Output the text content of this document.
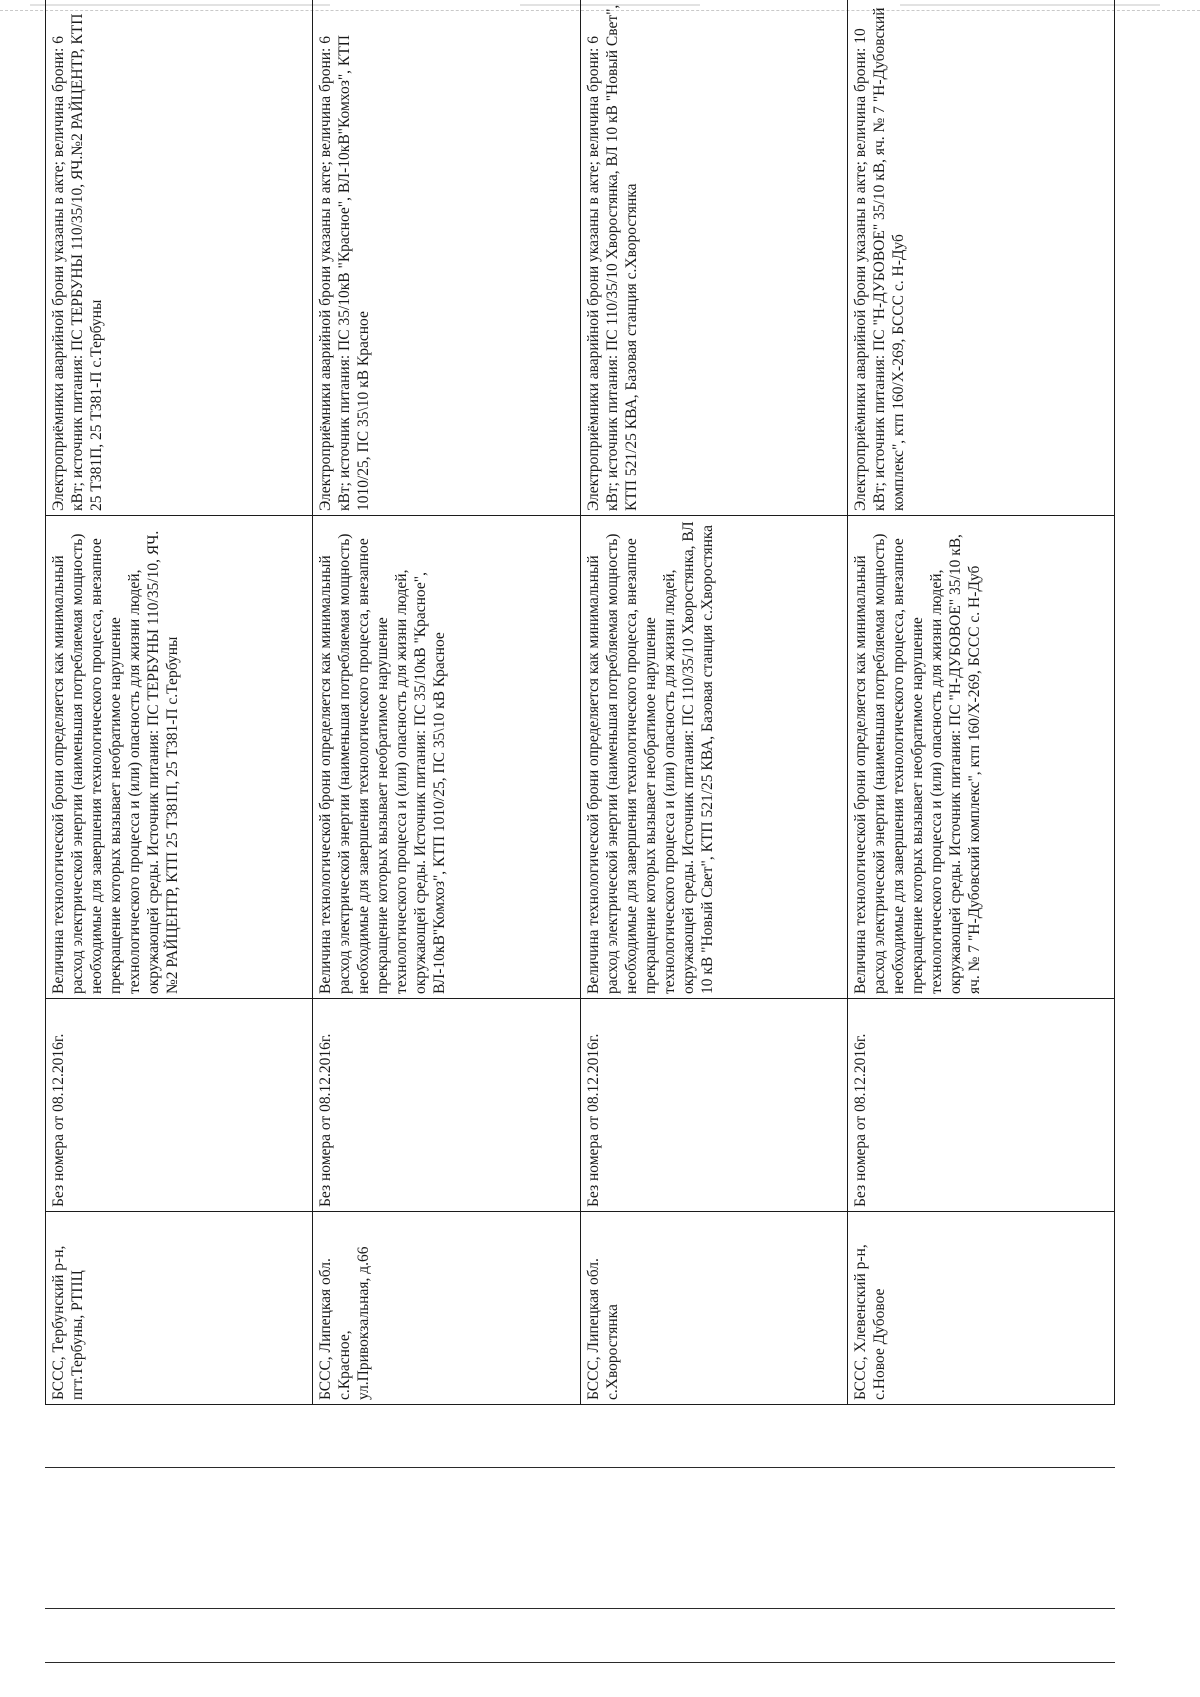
БССС, Тербунский р-н, пгт.Тербуны, РТПЦ	Без номера от 08.12.2016г.	Величина технологической брони определяется как минимальный расход электрической энергии (наименьшая потребляемая мощность) необходимые для завершения технологического процесса, внезапное прекращение которых вызывает необратимое нарушение технологического процесса и (или) опасность для жизни людей, окружающей среды. Источник питания: ПС ТЕРБУНЫ 110/35/10, ЯЧ.№2 РАЙЦЕНТР, КТП 25 Т381П, 25 Т381-П с.Тербуны	Электроприёмники аварийной брони указаны в акте; величина брони: 6 кВт; источник питания: ПС ТЕРБУНЫ 110/35/10, ЯЧ.№2 РАЙЦЕНТР, КТП 25 Т381П, 25 Т381-П с.Тербуны
БССС, Липецкая обл. с.Красное, ул.Привокзальная, д.66	Без номера от 08.12.2016г.	Величина технологической брони определяется как минимальный расход электрической энергии (наименьшая потребляемая мощность) необходимые для завершения технологического процесса, внезапное прекращение которых вызывает необратимое нарушение технологического процесса и (или) опасность для жизни людей, окружающей среды. Источник питания: ПС 35/10кВ "Красное", ВЛ-10кВ"Комхоз", КТП 1010/25, ПС 35\10 кВ Красное	Электроприёмники аварийной брони указаны в акте; величина брони: 6 кВт; источник питания: ПС 35/10кВ "Красное", ВЛ-10кВ"Комхоз", КТП 1010/25, ПС 35\10 кВ Красное
БССС, Липецкая обл. с.Хворостянка	Без номера от 08.12.2016г.	Величина технологической брони определяется как минимальный расход электрической энергии (наименьшая потребляемая мощность) необходимые для завершения технологического процесса, внезапное прекращение которых вызывает необратимое нарушение технологического процесса и (или) опасность для жизни людей, окружающей среды. Источник питания: ПС 110/35/10 Хворостянка, ВЛ 10 кВ "Новый Свет", КТП 521/25 КВА, Базовая станция с.Хворостянка	Электроприёмники аварийной брони указаны в акте; величина брони: 6 кВт; источник питания: ПС 110/35/10 Хворостянка, ВЛ 10 кВ "Новый Свет", КТП 521/25 КВА, Базовая станция с.Хворостянка
БССС, Хлевенский р-н, с.Новое Дубовое	Без номера от 08.12.2016г.	Величина технологической брони определяется как минимальный расход электрической энергии (наименьшая потребляемая мощность) необходимые для завершения технологического процесса, внезапное прекращение которых вызывает необратимое нарушение технологического процесса и (или) опасность для жизни людей, окружающей среды. Источник питания: ПС "Н-ДУБОВОЕ" 35/10 кВ, яч. № 7 "Н-Дубовский комплекс", ктп 160/Х-269, БССС с. Н-Дуб	Электроприёмники аварийной брони указаны в акте; величина брони: 10 кВт; источник питания: ПС "Н-ДУБОВОЕ" 35/10 кВ, яч. № 7 "Н-Дубовский комплекс", ктп 160/Х-269, БССС с. Н-Дуб
